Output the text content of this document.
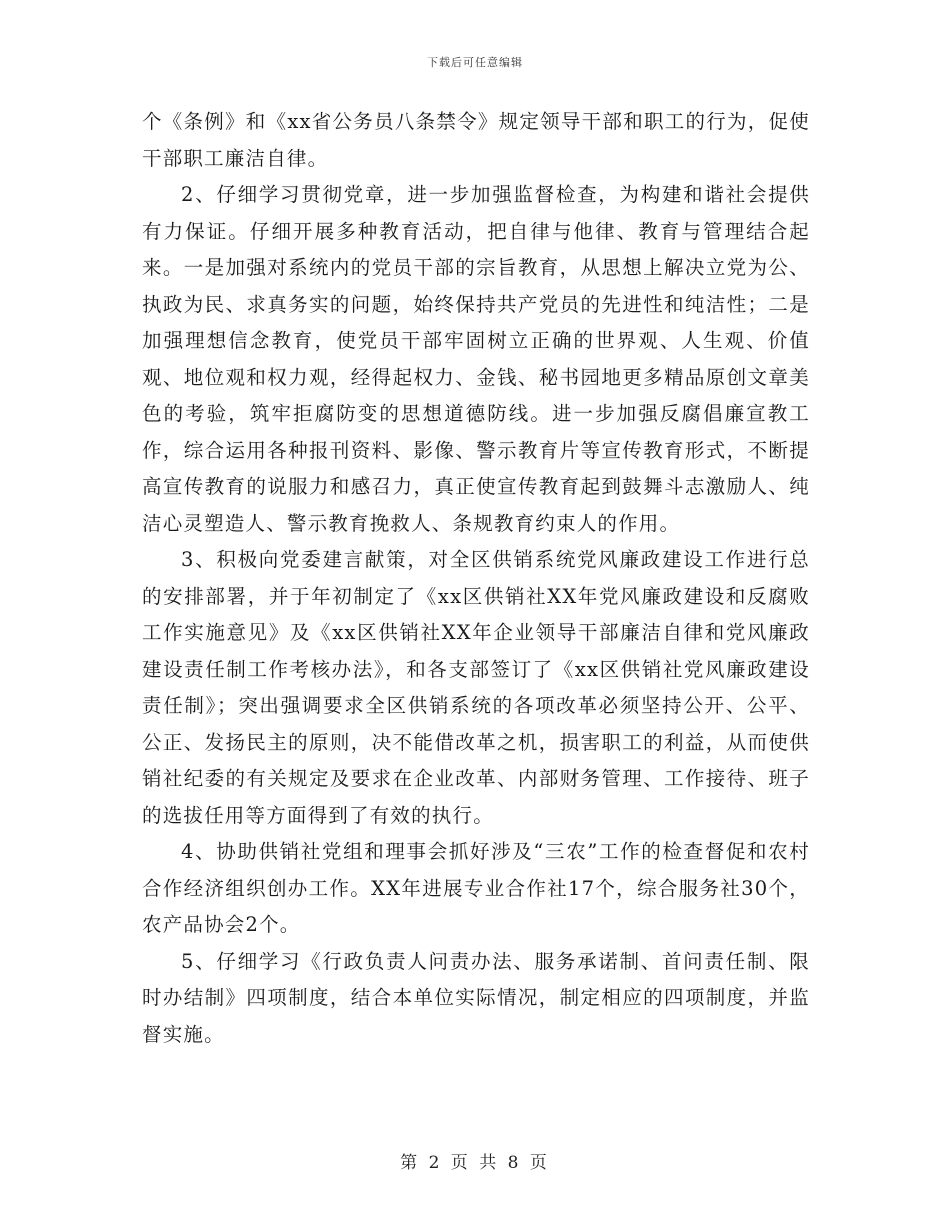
下载后可任意编辑

个《条例》和《xx省公务员八条禁令》规定领导干部和职工的行为，促使干部职工廉洁自律。

2、仔细学习贯彻党章，进一步加强监督检查，为构建和谐社会提供有力保证。仔细开展多种教育活动，把自律与他律、教育与管理结合起来。一是加强对系统内的党员干部的宗旨教育，从思想上解决立党为公、执政为民、求真务实的问题，始终保持共产党员的先进性和纯洁性；二是加强理想信念教育，使党员干部牢固树立正确的世界观、人生观、价值观、地位观和权力观，经得起权力、金钱、秘书园地更多精品原创文章美色的考验，筑牢拒腐防变的思想道德防线。进一步加强反腐倡廉宣教工作，综合运用各种报刊资料、影像、警示教育片等宣传教育形式，不断提高宣传教育的说服力和感召力，真正使宣传教育起到鼓舞斗志激励人、纯洁心灵塑造人、警示教育挽救人、条规教育约束人的作用。

3、积极向党委建言献策，对全区供销系统党风廉政建设工作进行总的安排部署，并于年初制定了《xx区供销社XX年党风廉政建设和反腐败工作实施意见》及《xx区供销社XX年企业领导干部廉洁自律和党风廉政建设责任制工作考核办法》，和各支部签订了《xx区供销社党风廉政建设责任制》；突出强调要求全区供销系统的各项改革必须坚持公开、公平、公正、发扬民主的原则，决不能借改革之机，损害职工的利益，从而使供销社纪委的有关规定及要求在企业改革、内部财务管理、工作接待、班子的选拔任用等方面得到了有效的执行。

4、协助供销社党组和理事会抓好涉及“三农”工作的检查督促和农村合作经济组织创办工作。XX年进展专业合作社17个，综合服务社30个，农产品协会2个。

5、仔细学习《行政负责人问责办法、服务承诺制、首问责任制、限时办结制》四项制度，结合本单位实际情况，制定相应的四项制度，并监督实施。

第 2 页 共 8 页
